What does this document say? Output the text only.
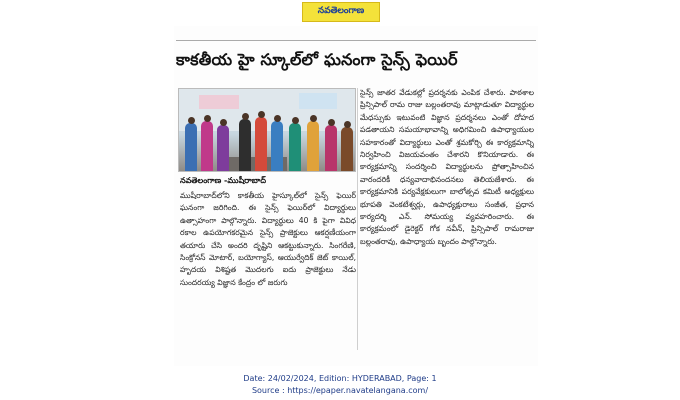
నవతెలంగాణ
కాకతీయ హై స్కూల్‌లో ఘనంగా సైన్స్ ఫెయిర్
నవతెలంగాణ -ముషీరాబాద్
ముషీరాబాద్‌లోని కాకతీయ హైస్కూల్‌లో సైన్స్ ఫెయిర్ ఘనంగా జరిగింది. ఈ సైన్స్ ఫెయిర్‌లో విద్యార్థులు ఉత్సాహంగా పాల్గొన్నారు. విద్యార్థులు 40 కి పైగా వివిధ రకాల ఉపయోగకరమైన సైన్స్ ప్రాజెక్టులు ఆకర్షణీయంగా తయారు చేసి అందరి దృష్టిని ఆకట్టుకున్నారు. సింగరేణి, సింక్రోనస్ మోటార్, బయోగ్యాస్, ఆయుర్వేదిక్ జెట్ కాయిల్, హృదయ విశిష్టత మొదలగు ఐదు ప్రాజెక్టులు నేడు సుందరయ్య విజ్ఞాన కేంద్రం లో జరుగు
సైన్స్ జాతర వేడుకల్లో ప్రదర్శనకు ఎంపిక చేశారు. పాఠశాల ప్రిన్సిపాల్ రామ రాజు బల్లంతరావు మాట్లాడుతూ విద్యార్థుల మేధస్సుకు ఇటువంటి విజ్ఞాన ప్రదర్శనలు ఎంతో దోహద పడతాయని సమయాభావాన్ని అధిగమించి ఉపాధ్యాయుల సహకారంతో విద్యార్థులు ఎంతో శ్రమకోర్చి ఈ కార్యక్రమాన్ని నిర్వహించి విజయవంతం చేశారని కొనియాడారు. ఈ కార్యక్రమాన్ని సందర్శించి విద్యార్థులను ప్రోత్సాహించిన వారందరికీ ధన్యవాదాభినందనలు తెలియజేశారు. ఈ కార్యక్రమానికి పర్యవేక్షకులుగా బాలోత్సవ కమిటీ అధ్యక్షులు భూపతి వెంకటేశ్వర్లు, ఉపాధ్యక్షురాలు సంజీత, ప్రధాన కార్యదర్శి ఎన్. సోమయ్య వ్యవహరించారు. ఈ కార్యక్రమంలో డైరెక్టర్ గోక నవీన్, ప్రిన్సిపాల్ రామరాజు బల్లంతరావు, ఉపాధ్యాయ బృందం పాల్గొన్నారు.
Date: 24/02/2024, Edition: HYDERABAD, Page: 1
Source : https://epaper.navatelangana.com/
